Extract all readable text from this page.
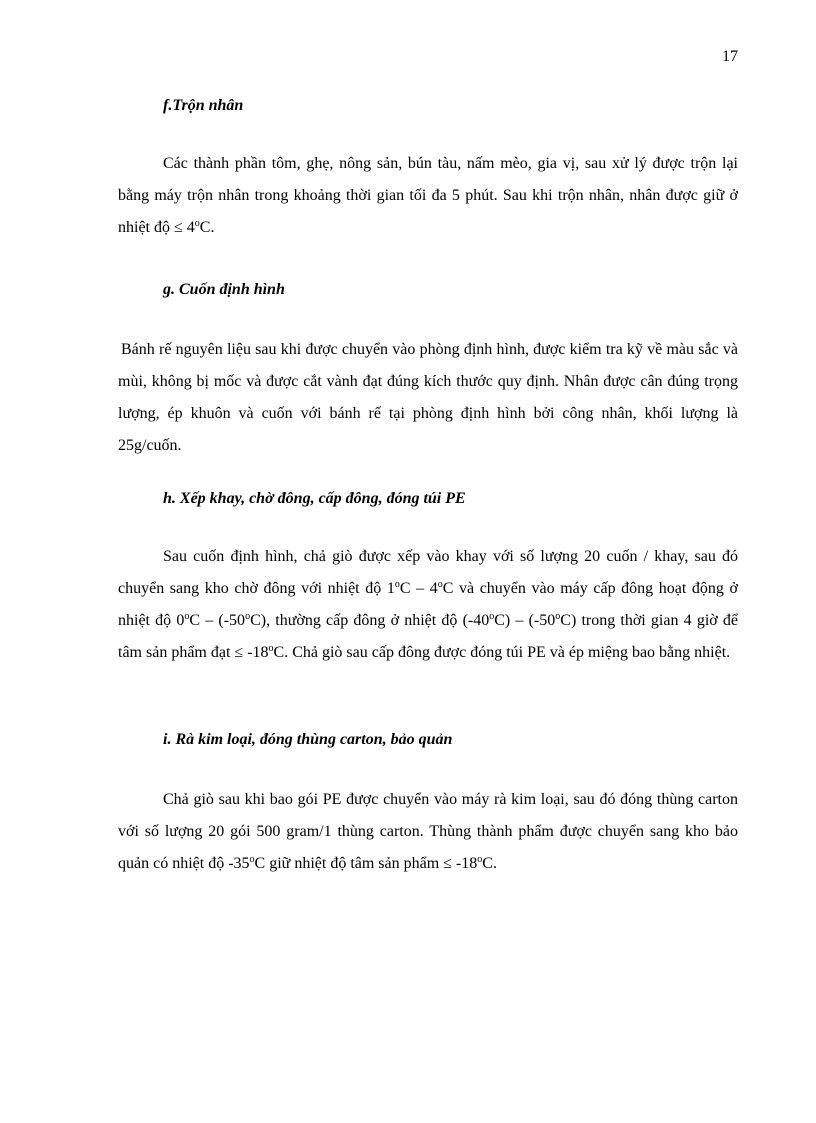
17
f.Trộn nhân

Các thành phần tôm, ghẹ, nông sản, bún tàu, nấm mèo, gia vị, sau xử lý được trộn lại bằng máy trộn nhân trong khoảng thời gian tối đa 5 phút. Sau khi trộn nhân, nhân được giữ ở nhiệt độ ≤ $4^oC$.

g. Cuốn định hình

Bánh rế nguyên liệu sau khi được chuyển vào phòng định hình, được kiểm tra kỹ về màu sắc và mùi, không bị mốc và được cắt vành đạt đúng kích thước quy định. Nhân được cân đúng trọng lượng, ép khuôn và cuốn với bánh rế tại phòng định hình bởi công nhân, khối lượng là 25g/cuốn.

h. Xếp khay, chờ đông, cấp đông, đóng túi PE

Sau cuốn định hình, chả giò được xếp vào khay với số lượng 20 cuốn / khay, sau đó chuyển sang kho chờ đông với nhiệt độ 1$^o$C – 4$^o$C và chuyển vào máy cấp đông hoạt động ở nhiệt độ 0$^o$C – (-50$^o$C), thường cấp đông ở nhiệt độ (-40$^o$C) – (-50$^o$C) trong thời gian 4 giờ để tâm sản phẩm đạt ≤ $-18^oC$. Chả giò sau cấp đông được đóng túi PE và ép miệng bao bằng nhiệt.

i. Rà kim loại, đóng thùng carton, bảo quản

Chả giò sau khi bao gói PE được chuyển vào máy rà kim loại, sau đó đóng thùng carton với số lượng 20 gói 500 gram/1 thùng carton. Thùng thành phẩm được chuyển sang kho bảo quản có nhiệt độ -35$^o$C giữ nhiệt độ tâm sản phẩm ≤ $-18^oC$.
